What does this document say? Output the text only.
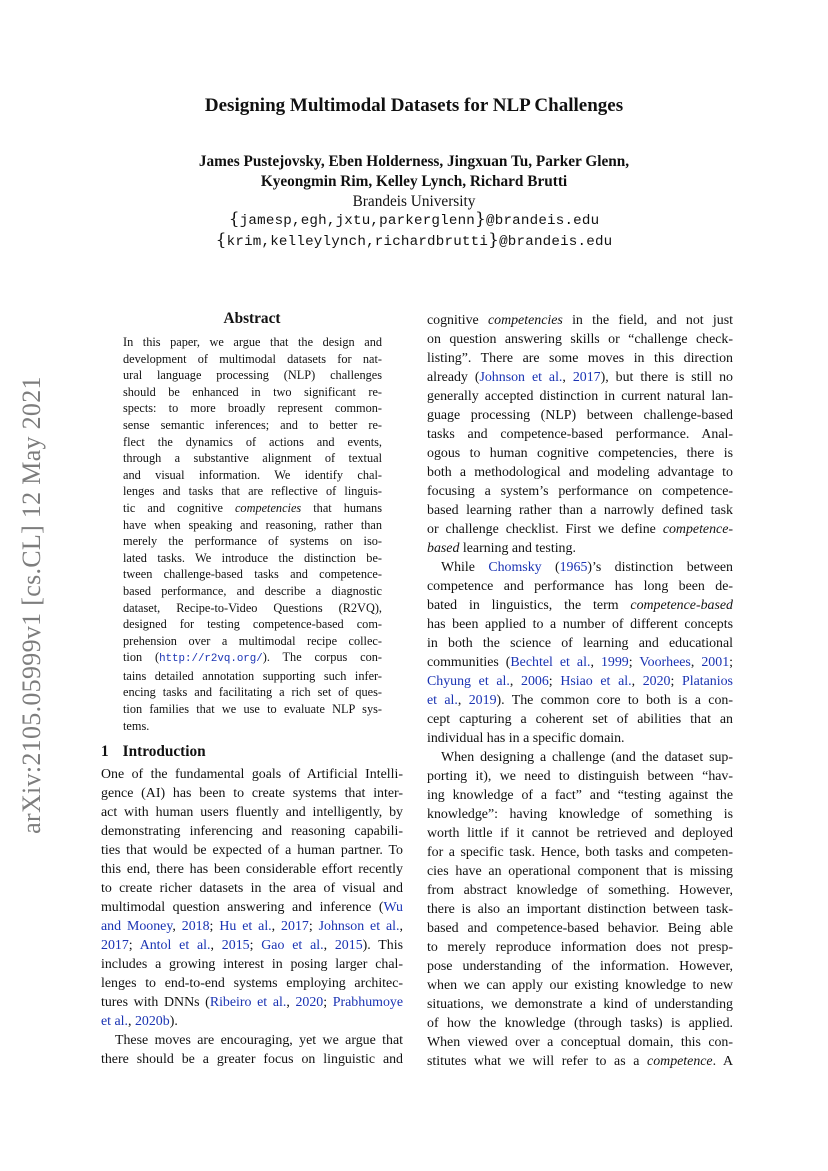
Designing Multimodal Datasets for NLP Challenges
James Pustejovsky, Eben Holderness, Jingxuan Tu, Parker Glenn,
Kyeongmin Rim, Kelley Lynch, Richard Brutti
Brandeis University
{jamesp,egh,jxtu,parkerglenn}@brandeis.edu
{krim,kelleylynch,richardbrutti}@brandeis.edu
arXiv:2105.05999v1 [cs.CL] 12 May 2021
Abstract

In this paper, we argue that the design and
development of multimodal datasets for nat-
ural language processing (NLP) challenges
should be enhanced in two significant re-
spects: to more broadly represent common-
sense semantic inferences; and to better re-
flect the dynamics of actions and events,
through a substantive alignment of textual
and visual information. We identify chal-
lenges and tasks that are reflective of linguis-
tic and cognitive competencies that humans
have when speaking and reasoning, rather than
merely the performance of systems on iso-
lated tasks. We introduce the distinction be-
tween challenge-based tasks and competence-
based performance, and describe a diagnostic
dataset, Recipe-to-Video Questions (R2VQ),
designed for testing competence-based com-
prehension over a multimodal recipe collec-
tion (http://r2vq.org/). The corpus con-
tains detailed annotation supporting such infer-
encing tasks and facilitating a rich set of ques-
tion families that we use to evaluate NLP sys-

tems.

1 Introduction

One of the fundamental goals of Artificial Intelli-
gence (AI) has been to create systems that inter-
act with human users fluently and intelligently, by
demonstrating inferencing and reasoning capabili-
ties that would be expected of a human partner. To
this end, there has been considerable effort recently
to create richer datasets in the area of visual and
multimodal question answering and inference (Wu
and Mooney, 2018; Hu et al., 2017; Johnson et al.,
2017; Antol et al., 2015; Gao et al., 2015). This
includes a growing interest in posing larger chal-
lenges to end-to-end systems employing architec-
tures with DNNs (Ribeiro et al., 2020; Prabhumoye

et al., 2020b).

These moves are encouraging, yet we argue that
there should be a greater focus on linguistic and

cognitive competencies in the field, and not just
on question answering skills or “challenge check-
listing”. There are some moves in this direction
already (Johnson et al., 2017), but there is still no
generally accepted distinction in current natural lan-
guage processing (NLP) between challenge-based
tasks and competence-based performance. Anal-
ogous to human cognitive competencies, there is
both a methodological and modeling advantage to
focusing a system’s performance on competence-
based learning rather than a narrowly defined task
or challenge checklist. First we define competence-

based learning and testing.

While Chomsky (1965)’s distinction between
competence and performance has long been de-
bated in linguistics, the term competence-based
has been applied to a number of different concepts
in both the science of learning and educational
communities (Bechtel et al., 1999; Voorhees, 2001;
Chyung et al., 2006; Hsiao et al., 2020; Platanios
et al., 2019). The common core to both is a con-
cept capturing a coherent set of abilities that an

individual has in a specific domain.

When designing a challenge (and the dataset sup-
porting it), we need to distinguish between “hav-
ing knowledge of a fact” and “testing against the
knowledge”: having knowledge of something is
worth little if it cannot be retrieved and deployed
for a specific task. Hence, both tasks and competen-
cies have an operational component that is missing
from abstract knowledge of something. However,
there is also an important distinction between task-
based and competence-based behavior. Being able
to merely reproduce information does not presp-
pose understanding of the information. However,
when we can apply our existing knowledge to new
situations, we demonstrate a kind of understanding
of how the knowledge (through tasks) is applied.
When viewed over a conceptual domain, this con-
stitutes what we will refer to as a competence. A
